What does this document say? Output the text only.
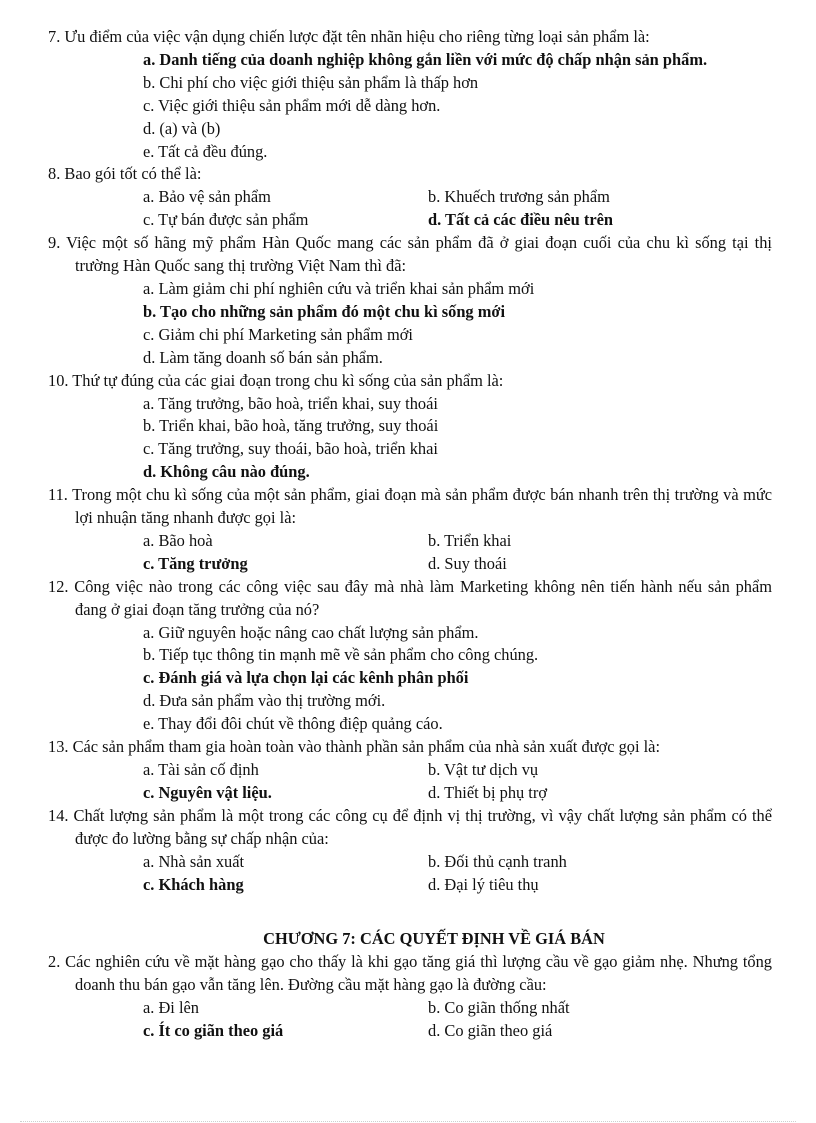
7. Ưu điểm của việc vận dụng chiến lược đặt tên nhãn hiệu cho riêng từng loại sản phẩm là:

a. Danh tiếng của doanh nghiệp không gắn liền với mức độ chấp nhận sản phẩm.

b. Chi phí cho việc giới thiệu sản phẩm là thấp hơn

c. Việc giới thiệu sản phẩm mới dễ dàng hơn.

d. (a) và (b)

e. Tất cả đều đúng.

8. Bao gói tốt có thể là:

a. Bảo vệ sản phẩm	b. Khuếch trương sản phẩm
c. Tự bán được sản phẩm	d. Tất cả các điều nêu trên

9. Việc một số hãng mỹ phẩm Hàn Quốc mang các sản phẩm đã ở giai đoạn cuối của chu kì sống tại thị trường Hàn Quốc sang thị trường Việt Nam thì đã:

a. Làm giảm chi phí nghiên cứu và triển khai sản phẩm mới

b. Tạo cho những sản phẩm đó một chu kì sống mới

c. Giảm chi phí Marketing sản phẩm mới

d. Làm tăng doanh số bán sản phẩm.

10. Thứ tự đúng của các giai đoạn trong chu kì sống của sản phẩm là:

a. Tăng trưởng, bão hoà, triển khai, suy thoái

b. Triển khai, bão hoà, tăng trưởng, suy thoái

c. Tăng trưởng, suy thoái, bão hoà, triển khai

d. Không câu nào đúng.

11. Trong một chu kì sống của một sản phẩm, giai đoạn mà sản phẩm được bán nhanh trên thị trường và mức lợi nhuận tăng nhanh được gọi là:

a. Bão hoà	b. Triển khai
c. Tăng trưởng	d. Suy thoái

12. Công việc nào trong các công việc sau đây mà nhà làm Marketing không nên tiến hành nếu sản phẩm đang ở giai đoạn tăng trưởng của nó?

a. Giữ nguyên hoặc nâng cao chất lượng sản phẩm.

b. Tiếp tục thông tin mạnh mẽ về sản phẩm cho công chúng.

c. Đánh giá và lựa chọn lại các kênh phân phối

d. Đưa sản phẩm vào thị trường mới.

e. Thay đổi đôi chút về thông điệp quảng cáo.

13. Các sản phẩm tham gia hoàn toàn vào thành phần sản phẩm của nhà sản xuất được gọi là:

a. Tài sản cố định	b. Vật tư dịch vụ
c. Nguyên vật liệu.	d. Thiết bị phụ trợ

14. Chất lượng sản phẩm là một trong các công cụ để định vị thị trường, vì vậy chất lượng sản phẩm có thể được đo lường bằng sự chấp nhận của:

a. Nhà sản xuất	b. Đối thủ cạnh tranh
c. Khách hàng	d. Đại lý tiêu thụ

CHƯƠNG 7: CÁC QUYẾT ĐỊNH VỀ GIÁ BÁN

2. Các nghiên cứu về mặt hàng gạo cho thấy là khi gạo tăng giá thì lượng cầu về gạo giảm nhẹ. Nhưng tổng doanh thu bán gạo vẫn tăng lên. Đường cầu mặt hàng gạo là đường cầu:

a. Đi lên	b. Co giãn thống nhất
c. Ít co giãn theo giá	d. Co giãn theo giá
